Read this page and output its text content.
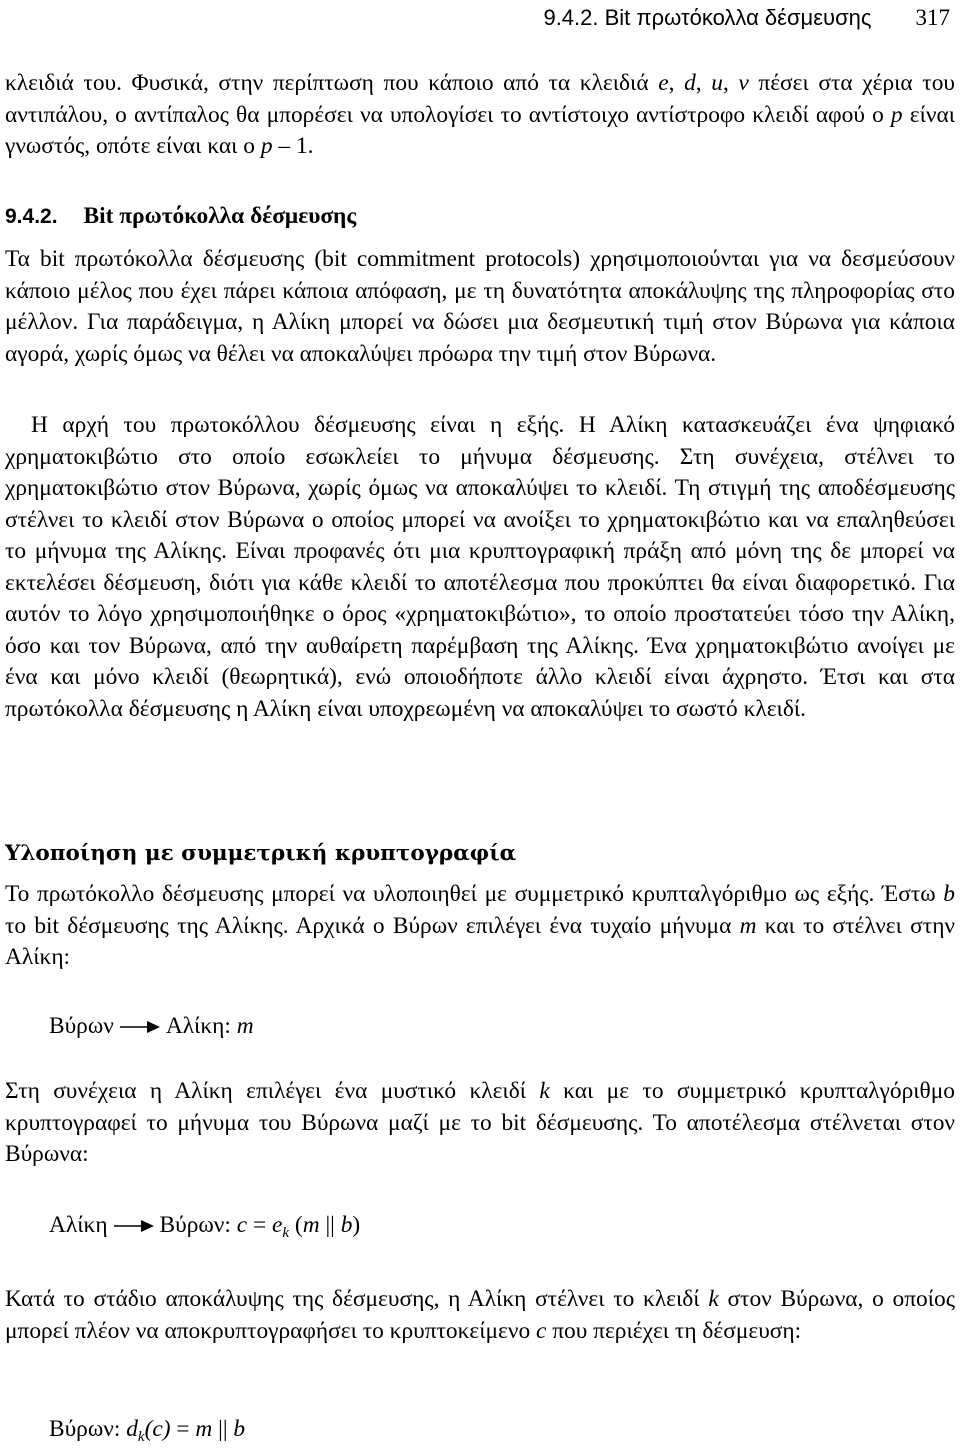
9.4.2. Bit πρωτόκολλα δέσμευσης 317

κλειδιά του. Φυσικά, στην περίπτωση που κάποιο από τα κλειδιά e, d, u, v πέσει στα χέρια του αντιπάλου, ο αντίπαλος θα μπορέσει να υπολογίσει το αντίστοιχο αντίστροφο κλειδί αφού ο p είναι γνωστός, οπότε είναι και ο p – 1.

9.4.2. Bit πρωτόκολλα δέσμευσης

Τα bit πρωτόκολλα δέσμευσης (bit commitment protocols) χρησιμοποιούνται για να δεσμεύσουν κάποιο μέλος που έχει πάρει κάποια απόφαση, με τη δυνατότητα αποκάλυψης της πληροφορίας στο μέλλον. Για παράδειγμα, η Αλίκη μπορεί να δώσει μια δεσμευτική τιμή στον Βύρωνα για κάποια αγορά, χωρίς όμως να θέλει να αποκαλύψει πρόωρα την τιμή στον Βύρωνα.

Η αρχή του πρωτοκόλλου δέσμευσης είναι η εξής. Η Αλίκη κατασκευάζει ένα ψηφιακό χρηματοκιβώτιο στο οποίο εσωκλείει το μήνυμα δέσμευσης. Στη συνέχεια, στέλνει το χρηματοκιβώτιο στον Βύρωνα, χωρίς όμως να αποκαλύψει το κλειδί. Τη στιγμή της αποδέσμευσης στέλνει το κλειδί στον Βύρωνα ο οποίος μπορεί να ανοίξει το χρηματοκιβώτιο και να επαληθεύσει το μήνυμα της Αλίκης. Είναι προφανές ότι μια κρυπτογραφική πράξη από μόνη της δε μπορεί να εκτελέσει δέσμευση, διότι για κάθε κλειδί το αποτέλεσμα που προκύπτει θα είναι διαφορετικό. Για αυτόν το λόγο χρησιμοποιήθηκε ο όρος «χρηματοκιβώτιο», το οποίο προστατεύει τόσο την Αλίκη, όσο και τον Βύρωνα, από την αυθαίρετη παρέμβαση της Αλίκης. Ένα χρηματοκιβώτιο ανοίγει με ένα και μόνο κλειδί (θεωρητικά), ενώ οποιοδήποτε άλλο κλειδί είναι άχρηστο. Έτσι και στα πρωτόκολλα δέσμευσης η Αλίκη είναι υποχρεωμένη να αποκαλύψει το σωστό κλειδί.

Υλοποίηση με συμμετρική κρυπτογραφία

Το πρωτόκολλο δέσμευσης μπορεί να υλοποιηθεί με συμμετρικό κρυπταλγόριθμο ως εξής. Έστω b το bit δέσμευσης της Αλίκης. Αρχικά ο Βύρων επιλέγει ένα τυχαίο μήνυμα m και το στέλνει στην Αλίκη:

Βύρων Αλίκη: m

Στη συνέχεια η Αλίκη επιλέγει ένα μυστικό κλειδί k και με το συμμετρικό κρυπταλγόριθμο κρυπτογραφεί το μήνυμα του Βύρωνα μαζί με το bit δέσμευσης. Το αποτέλεσμα στέλνεται στον Βύρωνα:

Αλίκη Βύρων: $c = e_k$ (m || b)

Κατά το στάδιο αποκάλυψης της δέσμευσης, η Αλίκη στέλνει το κλειδί k στον Βύρωνα, ο οποίος μπορεί πλέον να αποκρυπτογραφήσει το κρυπτοκείμενο c που περιέχει τη δέσμευση:

Βύρων: $d_k(c) = m$ || b
